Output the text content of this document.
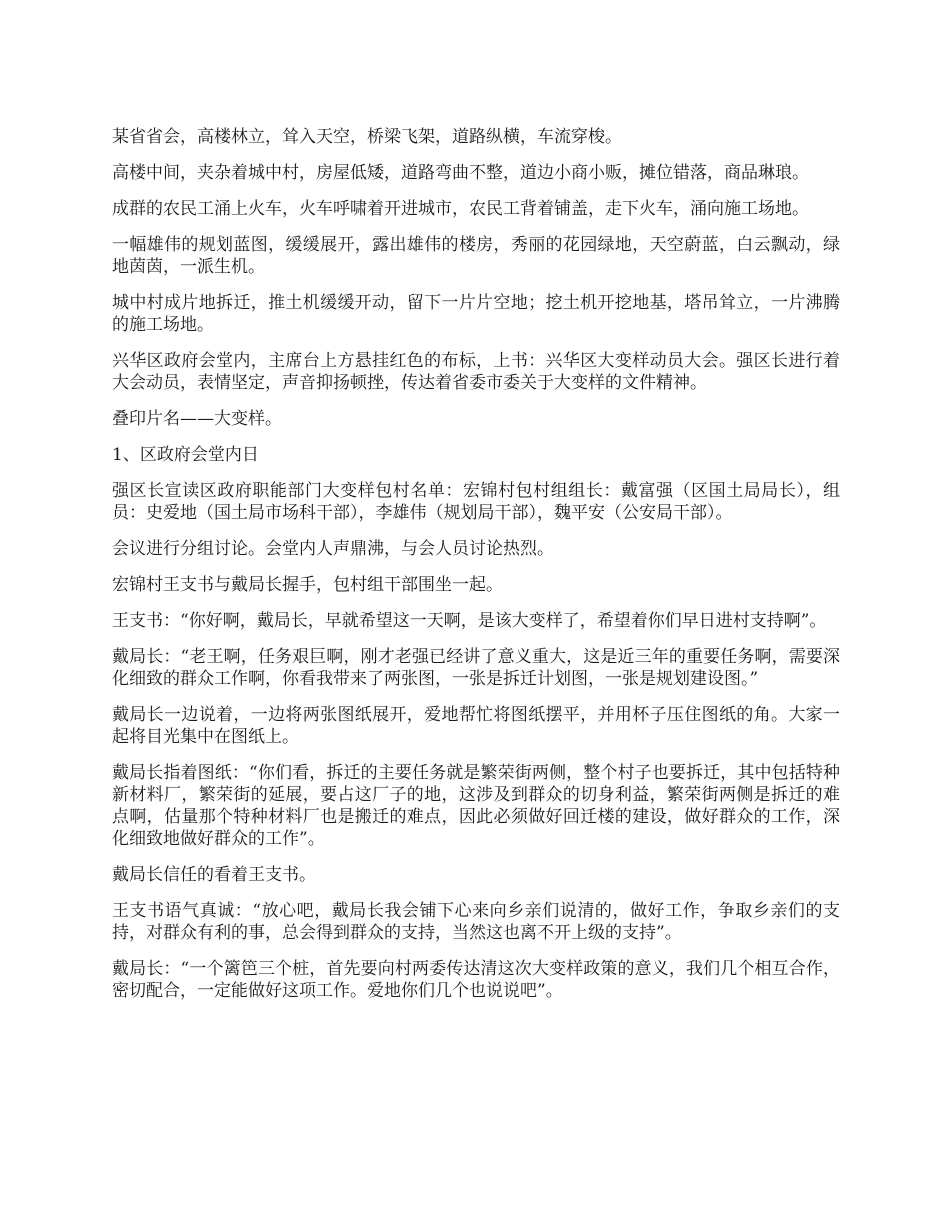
某省省会，高楼林立，耸入天空，桥梁飞架，道路纵横，车流穿梭。

高楼中间，夹杂着城中村，房屋低矮，道路弯曲不整，道边小商小贩，摊位错落，商品琳琅。

成群的农民工涌上火车，火车呼啸着开进城市，农民工背着铺盖，走下火车，涌向施工场地。

一幅雄伟的规划蓝图，缓缓展开，露出雄伟的楼房，秀丽的花园绿地，天空蔚蓝，白云飘动，绿地茵茵，一派生机。

城中村成片地拆迁，推土机缓缓开动，留下一片片空地；挖土机开挖地基，塔吊耸立，一片沸腾的施工场地。

兴华区政府会堂内，主席台上方悬挂红色的布标，上书：兴华区大变样动员大会。强区长进行着大会动员，表情坚定，声音抑扬顿挫，传达着省委市委关于大变样的文件精神。

叠印片名——大变样。

1、区政府会堂内日

强区长宣读区政府职能部门大变样包村名单：宏锦村包村组组长：戴富强（区国土局局长），组员：史爱地（国土局市场科干部），李雄伟（规划局干部），魏平安（公安局干部）。

会议进行分组讨论。会堂内人声鼎沸，与会人员讨论热烈。

宏锦村王支书与戴局长握手，包村组干部围坐一起。

王支书：“你好啊，戴局长，早就希望这一天啊，是该大变样了，希望着你们早日进村支持啊”。

戴局长：“老王啊，任务艰巨啊，刚才老强已经讲了意义重大，这是近三年的重要任务啊，需要深化细致的群众工作啊，你看我带来了两张图，一张是拆迁计划图，一张是规划建设图。”

戴局长一边说着，一边将两张图纸展开，爱地帮忙将图纸摆平，并用杯子压住图纸的角。大家一起将目光集中在图纸上。

戴局长指着图纸：“你们看，拆迁的主要任务就是繁荣街两侧，整个村子也要拆迁，其中包括特种新材料厂，繁荣街的延展，要占这厂子的地，这涉及到群众的切身利益，繁荣街两侧是拆迁的难点啊，估量那个特种材料厂也是搬迁的难点，因此必须做好回迁楼的建设，做好群众的工作，深化细致地做好群众的工作”。

戴局长信任的看着王支书。

王支书语气真诚：“放心吧，戴局长我会铺下心来向乡亲们说清的，做好工作，争取乡亲们的支持，对群众有利的事，总会得到群众的支持，当然这也离不开上级的支持”。

戴局长：“一个篱笆三个桩，首先要向村两委传达清这次大变样政策的意义，我们几个相互合作，密切配合，一定能做好这项工作。爱地你们几个也说说吧”。
